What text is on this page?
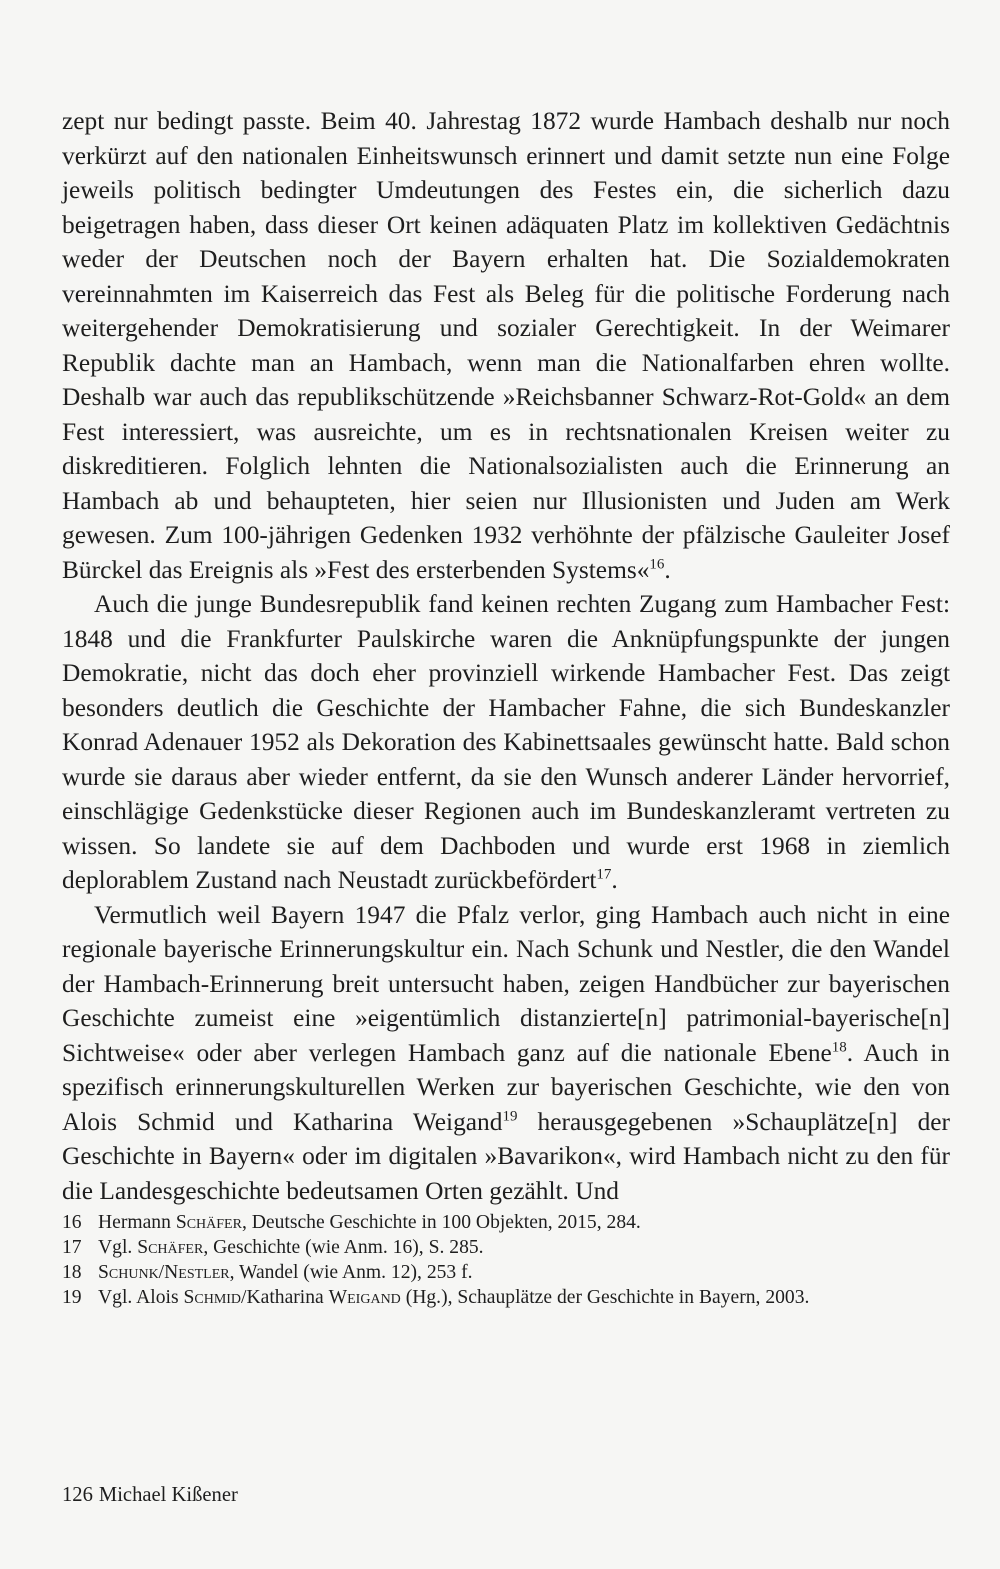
zept nur bedingt passte. Beim 40. Jahrestag 1872 wurde Hambach deshalb nur noch verkürzt auf den nationalen Einheitswunsch erinnert und damit setzte nun eine Folge jeweils politisch bedingter Umdeutungen des Festes ein, die sicherlich dazu beigetragen haben, dass dieser Ort keinen adäquaten Platz im kollektiven Gedächtnis weder der Deutschen noch der Bayern erhalten hat. Die Sozialdemokraten vereinnahmten im Kaiserreich das Fest als Beleg für die politische Forderung nach weitergehender Demokratisierung und sozialer Gerechtigkeit. In der Weimarer Republik dachte man an Hambach, wenn man die Nationalfarben ehren wollte. Deshalb war auch das republikschützende »Reichsbanner Schwarz-Rot-Gold« an dem Fest interessiert, was ausreichte, um es in rechtsnationalen Kreisen weiter zu diskreditieren. Folglich lehnten die Nationalsozialisten auch die Erinnerung an Hambach ab und behaupteten, hier seien nur Illusionisten und Juden am Werk gewesen. Zum 100-jährigen Gedenken 1932 verhöhnte der pfälzische Gauleiter Josef Bürckel das Ereignis als »Fest des ersterbenden Systems«$^{16}$.

Auch die junge Bundesrepublik fand keinen rechten Zugang zum Hambacher Fest: 1848 und die Frankfurter Paulskirche waren die Anknüpfungspunkte der jungen Demokratie, nicht das doch eher provinziell wirkende Hambacher Fest. Das zeigt besonders deutlich die Geschichte der Hambacher Fahne, die sich Bundeskanzler Konrad Adenauer 1952 als Dekoration des Kabinettsaales gewünscht hatte. Bald schon wurde sie daraus aber wieder entfernt, da sie den Wunsch anderer Länder hervorrief, einschlägige Gedenkstücke dieser Regionen auch im Bundeskanzleramt vertreten zu wissen. So landete sie auf dem Dachboden und wurde erst 1968 in ziemlich deplorablem Zustand nach Neustadt zurückbefördert$^{17}$.

Vermutlich weil Bayern 1947 die Pfalz verlor, ging Hambach auch nicht in eine regionale bayerische Erinnerungskultur ein. Nach Schunk und Nestler, die den Wandel der Hambach-Erinnerung breit untersucht haben, zeigen Handbücher zur bayerischen Geschichte zumeist eine »eigentümlich distanzierte[n] patrimonial-bayerische[n] Sichtweise« oder aber verlegen Hambach ganz auf die nationale Ebene$^{18}$. Auch in spezifisch erinnerungskulturellen Werken zur bayerischen Geschichte, wie den von Alois Schmid und Katharina Weigand$^{19}$ herausgegebenen »Schauplätze[n] der Geschichte in Bayern« oder im digitalen »Bavarikon«, wird Hambach nicht zu den für die Landesgeschichte bedeutsamen Orten gezählt. Und

16 Hermann Schäfer, Deutsche Geschichte in 100 Objekten, 2015, 284.
17 Vgl. Schäfer, Geschichte (wie Anm. 16), S. 285.
18 Schunk/Nestler, Wandel (wie Anm. 12), 253 f.
19 Vgl. Alois Schmid/Katharina Weigand (Hg.), Schauplätze der Geschichte in Bayern, 2003.
126 Michael Kißener
